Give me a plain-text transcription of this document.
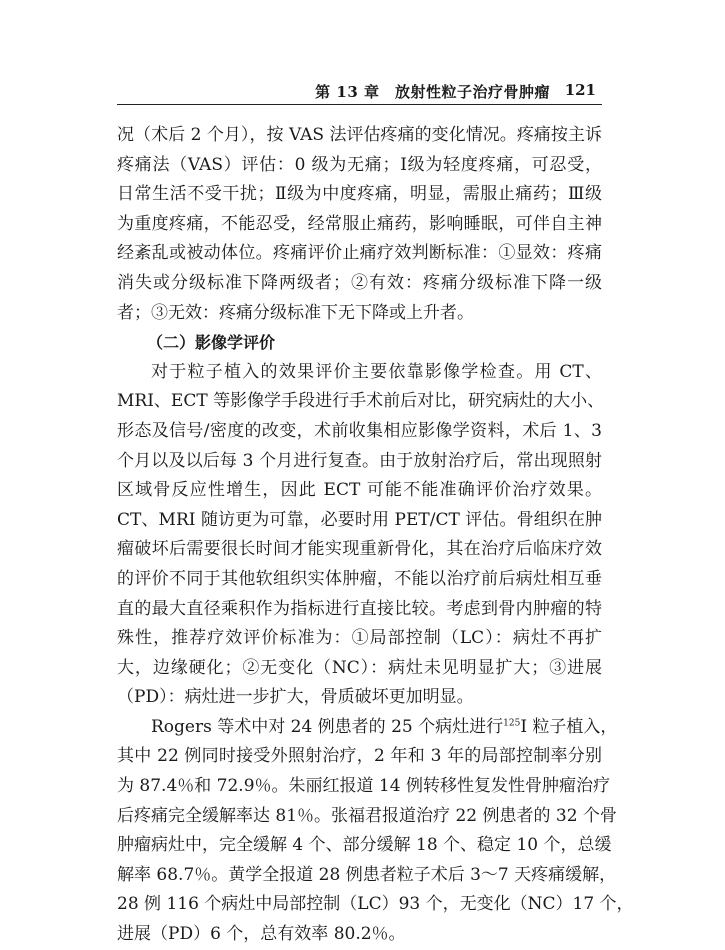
第 13 章　放射性粒子治疗骨肿瘤 121
况（术后 2 个月），按 VAS 法评估疼痛的变化情况。疼痛按主诉
疼痛法（VAS）评估：0 级为无痛；Ⅰ级为轻度疼痛，可忍受，
日常生活不受干扰；Ⅱ级为中度疼痛，明显，需服止痛药；Ⅲ级
为重度疼痛，不能忍受，经常服止痛药，影响睡眠，可伴自主神
经紊乱或被动体位。疼痛评价止痛疗效判断标准：①显效：疼痛
消失或分级标准下降两级者；②有效：疼痛分级标准下降一级
者；③无效：疼痛分级标准下无下降或上升者。
（二）影像学评价
对于粒子植入的效果评价主要依靠影像学检查。用 CT、
MRI、ECT 等影像学手段进行手术前后对比，研究病灶的大小、
形态及信号/密度的改变，术前收集相应影像学资料，术后 1、3
个月以及以后每 3 个月进行复查。由于放射治疗后，常出现照射
区域骨反应性增生，因此 ECT 可能不能准确评价治疗效果。
CT、MRI 随访更为可靠，必要时用 PET/CT 评估。骨组织在肿
瘤破坏后需要很长时间才能实现重新骨化，其在治疗后临床疗效
的评价不同于其他软组织实体肿瘤，不能以治疗前后病灶相互垂
直的最大直径乘积作为指标进行直接比较。考虑到骨内肿瘤的特
殊性，推荐疗效评价标准为：①局部控制（LC）：病灶不再扩
大，边缘硬化；②无变化（NC）：病灶未见明显扩大；③进展
（PD）：病灶进一步扩大，骨质破坏更加明显。
Rogers 等术中对 24 例患者的 25 个病灶进行$^{125}$I 粒子植入，
其中 22 例同时接受外照射治疗，2 年和 3 年的局部控制率分别
为 87.4％和 72.9％。朱丽红报道 14 例转移性复发性骨肿瘤治疗
后疼痛完全缓解率达 81％。张福君报道治疗 22 例患者的 32 个骨
肿瘤病灶中，完全缓解 4 个、部分缓解 18 个、稳定 10 个，总缓
解率 68.7％。黄学全报道 28 例患者粒子术后 3～7 天疼痛缓解，
28 例 116 个病灶中局部控制（LC）93 个，无变化（NC）17 个，
进展（PD）6 个，总有效率 80.2％。
